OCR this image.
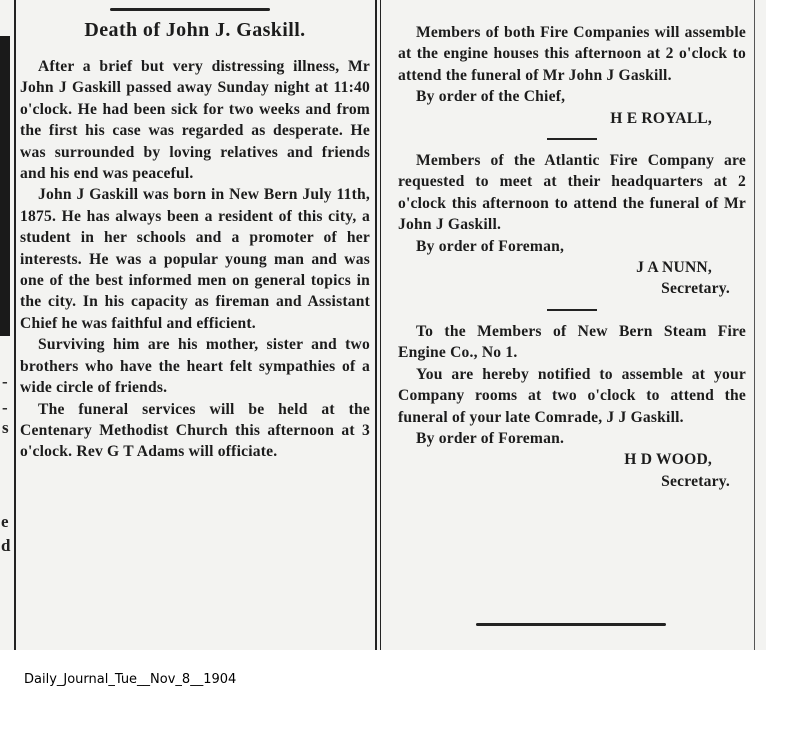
-
-
s
e
d
Death of John J. Gaskill.

After a brief but very distressing illness, Mr John J Gaskill passed away Sunday night at 11:40 o'clock. He had been sick for two weeks and from the first his case was regarded as desperate. He was surrounded by loving relatives and friends and his end was peaceful.

John J Gaskill was born in New Bern July 11th, 1875. He has always been a resident of this city, a student in her schools and a promoter of her interests. He was a popular young man and was one of the best informed men on general topics in the city. In his capacity as fireman and Assistant Chief he was faithful and efficient.

Surviving him are his mother, sister and two brothers who have the heart felt sympathies of a wide circle of friends.

The funeral services will be held at the Centenary Methodist Church this afternoon at 3 o'clock. Rev G T Adams will officiate.

Members of both Fire Companies will assemble at the engine houses this afternoon at 2 o'clock to attend the funeral of Mr John J Gaskill.

By order of the Chief,

H E ROYALL,

Members of the Atlantic Fire Company are requested to meet at their headquarters at 2 o'clock this afternoon to attend the funeral of Mr John J Gaskill.

By order of Foreman,

J A NUNN,
Secretary.

To the Members of New Bern Steam Fire Engine Co., No 1.

You are hereby notified to assemble at your Company rooms at two o'clock to attend the funeral of your late Comrade, J J Gaskill.

By order of Foreman.

H D WOOD,
Secretary.
Daily_Journal_Tue__Nov_8__1904
